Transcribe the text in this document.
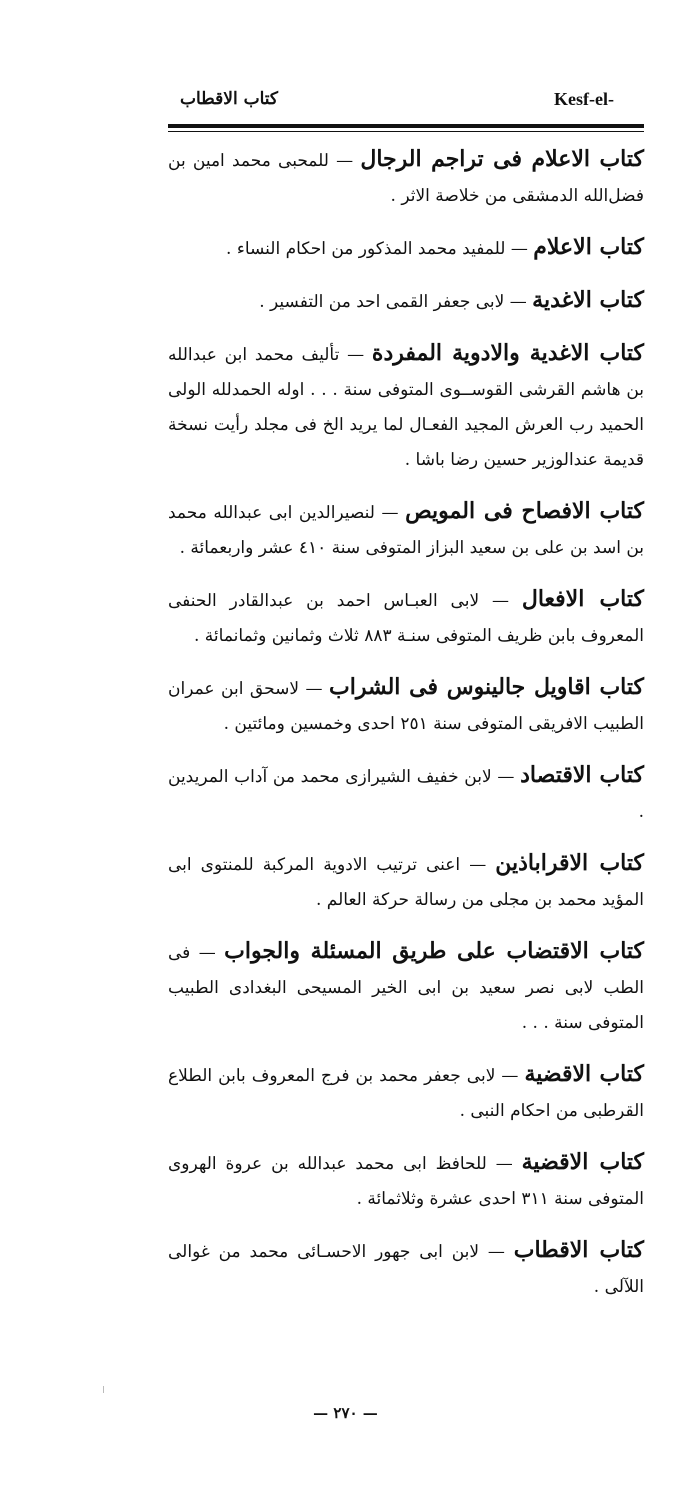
Kesf-el-
كتاب الاقطاب

كتاب الاعلام فى تراجم الرجال — للمحبى محمد امين بن فضل‌الله الدمشقى من خلاصة الاثر .

كتاب الاعلام — للمفيد محمد المذكور من احكام النساء .

كتاب الاغدية — لابى جعفر القمى احد من التفسير .

كتاب الاغدية والادوية المفردة — تأليف محمد ابن عبدالله بن هاشم القرشى القوســوى المتوفى سنة . . . اوله الحمدلله الولى الحميد رب العرش المجيد الفعـال لما يريد الخ فى مجلد رأيت نسخة قديمة عندالوزير حسين رضا باشا .

كتاب الافصاح فى المويص — لنصيرالدين ابى عبدالله محمد بن اسد بن على بن سعيد البزاز المتوفى سنة ٤١٠ عشر واربعمائة .

كتاب الافعال — لابى العبـاس احمد بن عبدالقادر الحنفى المعروف بابن ظريف المتوفى سنـة ٨٨٣ ثلاث وثمانين وثمانمائة .

كتاب اقاويل جالينوس فى الشراب — لاسحق ابن عمران الطبيب الافريقى المتوفى سنة ٢٥١ احدى وخمسين ومائتين .

كتاب الاقتصاد — لابن خفيف الشيرازى محمد من آداب المريدين .

كتاب الاقراباذين — اعنى ترتيب الادوية المركبة للمنتوى ابى المؤيد محمد بن مجلى من رسالة حركة العالم .

كتاب الاقتضاب على طريق المسئلة والجواب — فى الطب لابى نصر سعيد بن ابى الخير المسيحى البغدادى الطبيب المتوفى سنة . . .

كتاب الاقضية — لابى جعفر محمد بن فرج المعروف بابن الطلاع القرطبى من احكام النبى .

كتاب الاقضية — للحافظ ابى محمد عبدالله بن عروة الهروى المتوفى سنة ٣١١ احدى عشرة وثلاثمائة .

كتاب الاقطاب — لابن ابى جهور الاحسـائى محمد من غوالى اللآلى .

— ٢٧٠ —
